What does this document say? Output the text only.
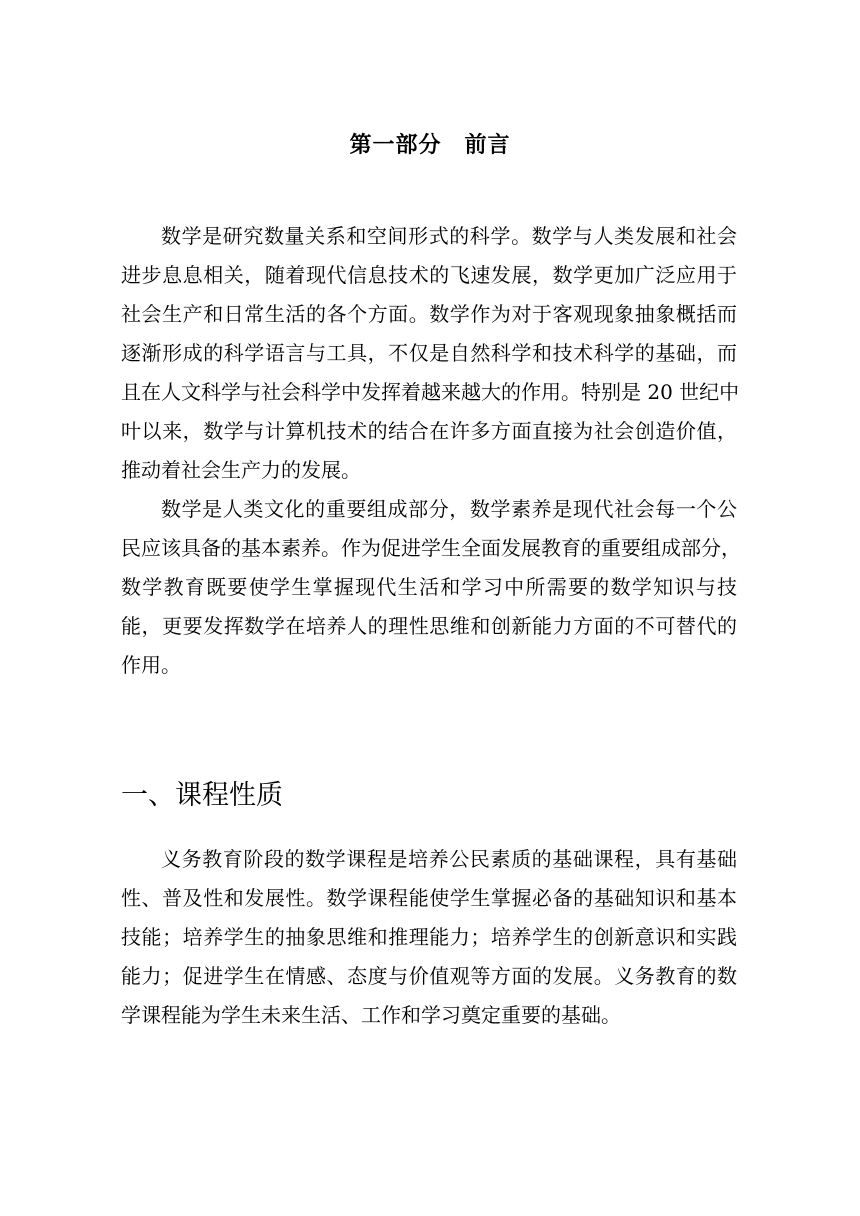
第一部分　前言
数学是研究数量关系和空间形式的科学。数学与人类发展和社会
进步息息相关，随着现代信息技术的飞速发展，数学更加广泛应用于
社会生产和日常生活的各个方面。数学作为对于客观现象抽象概括而
逐渐形成的科学语言与工具，不仅是自然科学和技术科学的基础，而
且在人文科学与社会科学中发挥着越来越大的作用。特别是 20 世纪中
叶以来，数学与计算机技术的结合在许多方面直接为社会创造价值，
推动着社会生产力的发展。
数学是人类文化的重要组成部分，数学素养是现代社会每一个公
民应该具备的基本素养。作为促进学生全面发展教育的重要组成部分，
数学教育既要使学生掌握现代生活和学习中所需要的数学知识与技
能，更要发挥数学在培养人的理性思维和创新能力方面的不可替代的
作用。
一、课程性质
义务教育阶段的数学课程是培养公民素质的基础课程，具有基础
性、普及性和发展性。数学课程能使学生掌握必备的基础知识和基本
技能；培养学生的抽象思维和推理能力；培养学生的创新意识和实践
能力；促进学生在情感、态度与价值观等方面的发展。义务教育的数
学课程能为学生未来生活、工作和学习奠定重要的基础。
